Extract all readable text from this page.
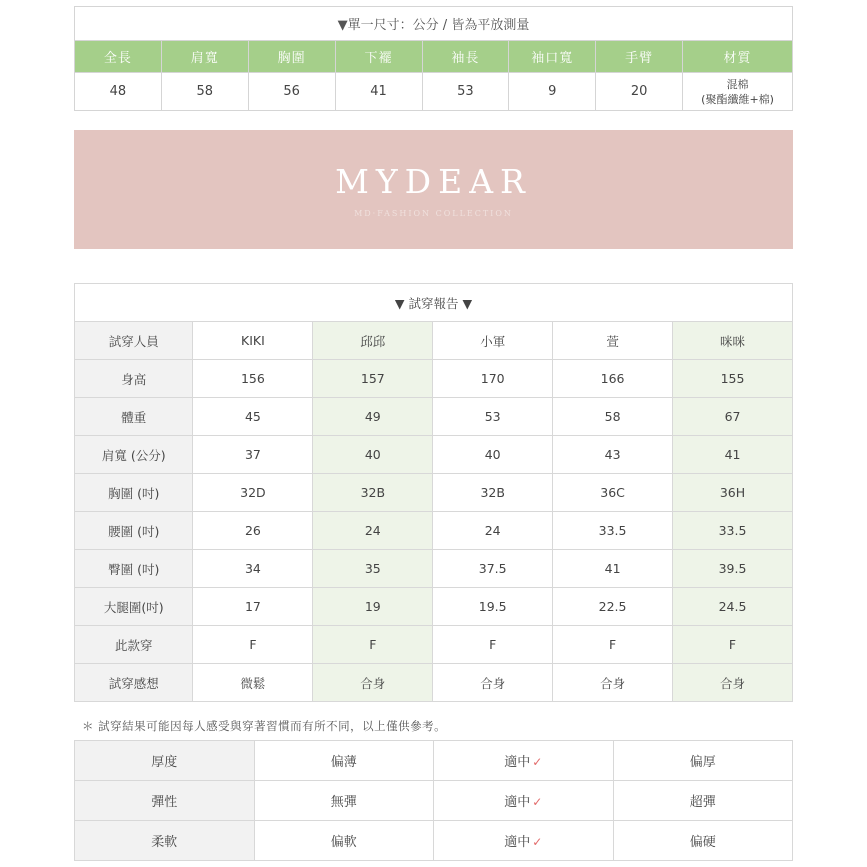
▼單一尺寸：公分 / 皆為平放測量							
全長	肩寬	胸圍	下襬	袖長	袖口寬	手臂	材質
48	58	56	41	53	9	20	混棉
(聚酯纖維+棉)
MYDEAR
MD·FASHION COLLECTION
▼ 試穿報告 ▼					
試穿人員	KIKI	邱邱	小軍	萱	咪咪
身高	156	157	170	166	155
體重	45	49	53	58	67
肩寬 (公分)	37	40	40	43	41
胸圍 (吋)	32D	32B	32B	36C	36H
腰圍 (吋)	26	24	24	33.5	33.5
臀圍 (吋)	34	35	37.5	41	39.5
大腿圍(吋)	17	19	19.5	22.5	24.5
此款穿	F	F	F	F	F
試穿感想	微鬆	合身	合身	合身	合身
＊ 試穿結果可能因每人感受與穿著習慣而有所不同，以上僅供參考。
厚度	偏薄	適中 ✓	偏厚
彈性	無彈	適中 ✓	超彈
柔軟	偏軟	適中 ✓	偏硬
